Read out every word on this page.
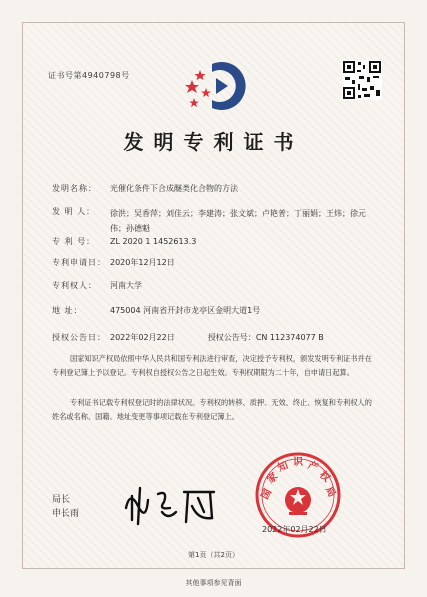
证书号第4940798号
发明专利证书
发明名称： 光催化条件下合成醚类化合物的方法
发 明 人： 徐洪；吴香萍；刘佳云；李建涛；张文斌；卢艳普；丁丽娟；王炜；徐元伟；孙德魁
专 利 号： ZL 2020 1 1452613.3
专利申请日： 2020年12月12日
专利权人： 河南大学
地 址：	475004 河南省开封市龙亭区金明大道1号
授权公告日： 2022年02月22日	授权公告号：CN 112374077 B
国家知识产权局依照中华人民共和国专利法进行审查，决定授予专利权，颁发发明专利证书并在专利登记簿上予以登记。专利权自授权公告之日起生效。专利权期限为二十年，自申请日起算。
专利证书记载专利权登记时的法律状况。专利权的转移、质押、无效、终止、恢复和专利权人的姓名或名称、国籍、地址变更等事项记载在专利登记簿上。
局长
申长雨
国
家
知 识 产
权
局
2022年02月22日
第1页（共2页）
其他事项参见背面
